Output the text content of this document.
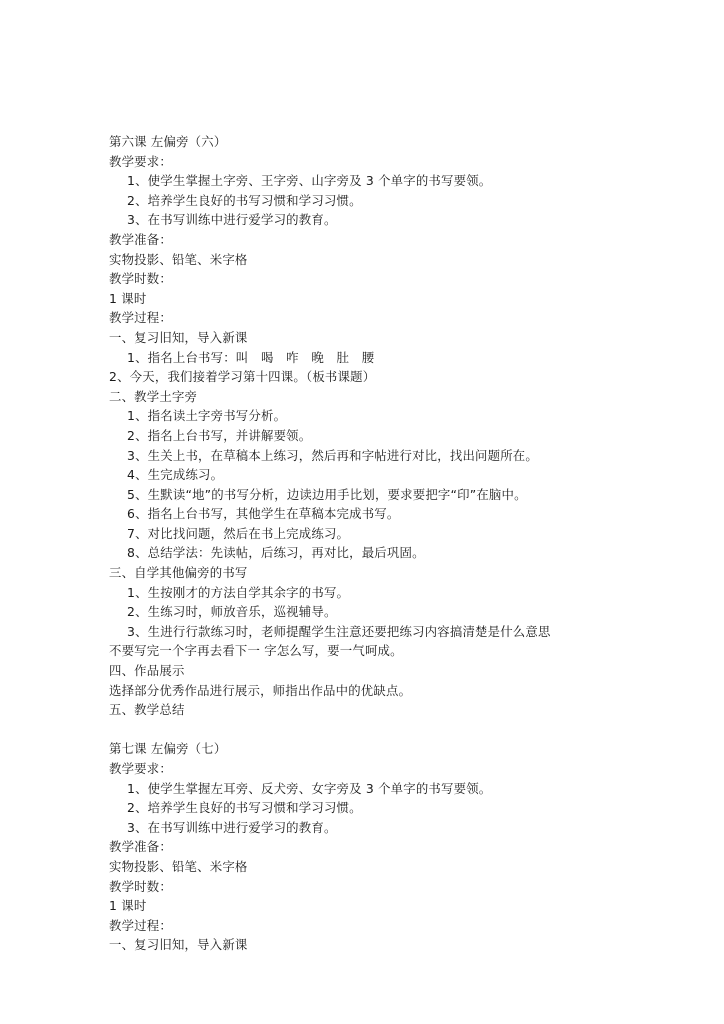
第六课 左偏旁（六）
教学要求：
1、使学生掌握土字旁、王字旁、山字旁及 3 个单字的书写要领。
2、培养学生良好的书写习惯和学习习惯。
3、在书写训练中进行爱学习的教育。
教学准备：
实物投影、铅笔、米字格
教学时数：
1 课时
教学过程：
一、复习旧知，导入新课
1、指名上台书写：叫　喝　咋　晚　肚　腰
2、今天，我们接着学习第十四课。（板书课题）
二、教学土字旁
1、指名读土字旁书写分析。
2、指名上台书写，并讲解要领。
3、生关上书，在草稿本上练习，然后再和字帖进行对比，找出问题所在。
4、生完成练习。
5、生默读“地”的书写分析，边读边用手比划，要求要把字“印”在脑中。
6、指名上台书写，其他学生在草稿本完成书写。
7、对比找问题，然后在书上完成练习。
8、总结学法：先读帖，后练习，再对比，最后巩固。
三、自学其他偏旁的书写
1、生按刚才的方法自学其余字的书写。
2、生练习时，师放音乐，巡视辅导。
3、生进行行款练习时，老师提醒学生注意还要把练习内容搞清楚是什么意思
不要写完一个字再去看下一 字怎么写，要一气呵成。
四、作品展示
选择部分优秀作品进行展示，师指出作品中的优缺点。
五、教学总结
第七课 左偏旁（七）
教学要求：
1、使学生掌握左耳旁、反犬旁、女字旁及 3 个单字的书写要领。
2、培养学生良好的书写习惯和学习习惯。
3、在书写训练中进行爱学习的教育。
教学准备：
实物投影、铅笔、米字格
教学时数：
1 课时
教学过程：
一、复习旧知，导入新课
